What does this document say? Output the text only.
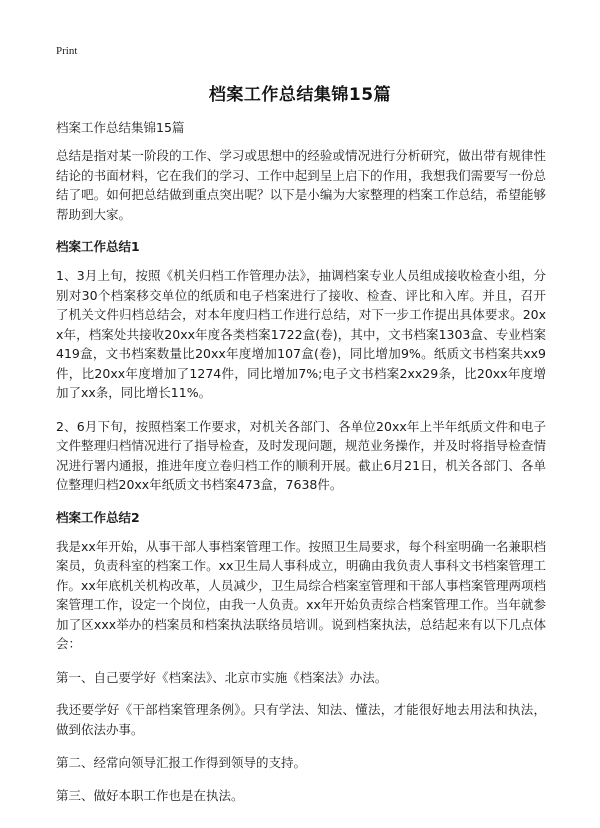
Print
档案工作总结集锦15篇

档案工作总结集锦15篇

总结是指对某一阶段的工作、学习或思想中的经验或情况进行分析研究，做出带有规律性结论的书面材料，它在我们的学习、工作中起到呈上启下的作用，我想我们需要写一份总结了吧。如何把总结做到重点突出呢？以下是小编为大家整理的档案工作总结，希望能够帮助到大家。

档案工作总结1

1、3月上旬，按照《机关归档工作管理办法》，抽调档案专业人员组成接收检查小组，分别对30个档案移交单位的纸质和电子档案进行了接收、检查、评比和入库。并且，召开了机关文件归档总结会，对本年度归档工作进行总结，对下一步工作提出具体要求。20xx年，档案处共接收20xx年度各类档案1722盒(卷)，其中，文书档案1303盒、专业档案419盒，文书档案数量比20xx年度增加107盒(卷)，同比增加9%。纸质文书档案共xx9件，比20xx年度增加了1274件，同比增加7%;电子文书档案2xx29条，比20xx年度增加了xx条，同比增长11%。

2、6月下旬，按照档案工作要求，对机关各部门、各单位20xx年上半年纸质文件和电子文件整理归档情况进行了指导检查，及时发现问题，规范业务操作，并及时将指导检查情况进行署内通报，推进年度立卷归档工作的顺利开展。截止6月21日，机关各部门、各单位整理归档20xx年纸质文书档案473盒，7638件。

档案工作总结2

我是xx年开始，从事干部人事档案管理工作。按照卫生局要求，每个科室明确一名兼职档案员，负责科室的档案工作。xx卫生局人事科成立，明确由我负责人事科文书档案管理工作。xx年底机关机构改革，人员减少，卫生局综合档案室管理和干部人事档案管理两项档案管理工作，设定一个岗位，由我一人负责。xx年开始负责综合档案管理工作。当年就参加了区xxx举办的档案员和档案执法联络员培训。说到档案执法，总结起来有以下几点体会：

第一、自己要学好《档案法》、北京市实施《档案法》办法。

我还要学好《干部档案管理条例》。只有学法、知法、懂法，才能很好地去用法和执法，做到依法办事。

第二、经常向领导汇报工作得到领导的支持。

第三、做好本职工作也是在执法。
